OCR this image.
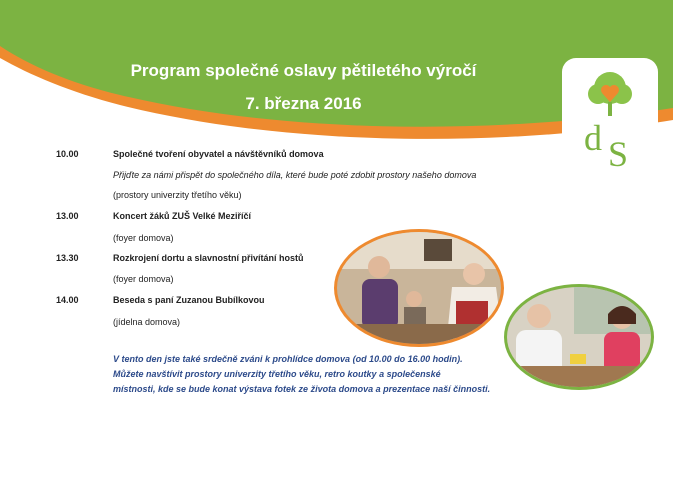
Program společné oslavy pětiletého výročí
7. března 2016
d S
10.00	Společné tvoření obyvatel a návštěvníků domova
Přijďte za námi přispět do společného díla, které bude poté zdobit prostory našeho domova
(prostory univerzity třetího věku)
13.00	Koncert žáků ZUŠ Velké Meziříčí
(foyer domova)
13.30	Rozkrojení dortu a slavnostní přivítání hostů
(foyer domova)
14.00	Beseda s paní Zuzanou Bubílkovou
(jídelna domova)
V tento den jste také srdečně zváni k prohlídce domova (od 10.00 do 16.00 hodin).
Můžete navštívit prostory univerzity třetího věku, retro koutky a společenské
místnosti, kde se bude konat výstava fotek ze života domova a prezentace naší činnosti.
